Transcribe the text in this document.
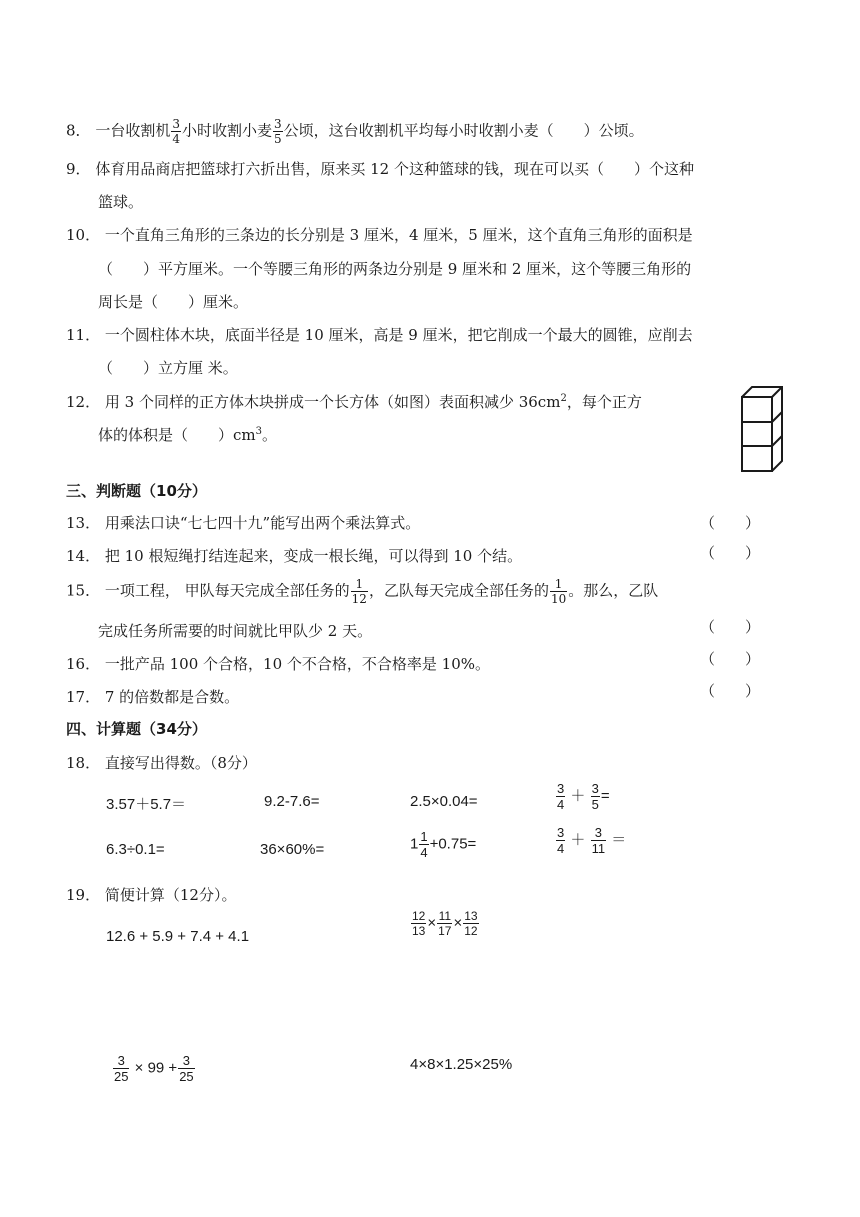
8． 一台收割机 $\frac{3}{4}$ 小时收割小麦 $\frac{3}{5}$ 公顷，这台收割机平均每小时收割小麦（　　）公顷。
9． 体育用品商店把篮球打六折出售，原来买 12 个这种篮球的钱，现在可以买（　　）个这种
篮球。
10． 一个直角三角形的三条边的长分别是 3 厘米，4 厘米，5 厘米，这个直角三角形的面积是
（　　）平方厘米。一个等腰三角形的两条边分别是 9 厘米和 2 厘米，这个等腰三角形的
周长是（　　）厘米。
11． 一个圆柱体木块，底面半径是 10 厘米，高是 9 厘米，把它削成一个最大的圆锥，应削去
（　　）立方厘 米。
12． 用 3 个同样的正方体木块拼成一个长方体（如图）表面积减少 $36cm^2$，每个正方
体的体积是（　　）$cm^3$。
三、判断题（10分）
13． 用乘法口诀“七七四十九”能写出两个乘法算式。	（　　）
14． 把 10 根短绳打结连起来，变成一根长绳，可以得到 10 个结。	（　　）
15． 一项工程， 甲队每天完成全部任务的 $\frac{1}{12}$ ，乙队每天完成全部任务的 $\frac{1}{10}$ 。那么，乙队
完成任务所需要的时间就比甲队少 2 天。	（　　）
16． 一批产品 100 个合格，10 个不合格，不合格率是 10%。	（　　）
17． 7 的倍数都是合数。	（　　）
四、计算题（34分）
18． 直接写出得数。（8分）
3.57＋5.7＝	9.2-7.6=	2.5×0.04=	$\frac{3}{4} + \frac{3}{5}$ =
6.3÷0.1=	36×60%=	$1 \frac{1}{4} +0.75=$	$\frac{3}{4} + \frac{3}{11}$ ＝
19． 简便计算（12分）。
12.6 + 5.9 + 7.4 + 4.1	$\frac{12}{13} \times \frac{11}{17} \times \frac{13}{12}$
$\frac{3}{25} \times 99 + \frac{3}{25}$	4×8×1.25×25%
